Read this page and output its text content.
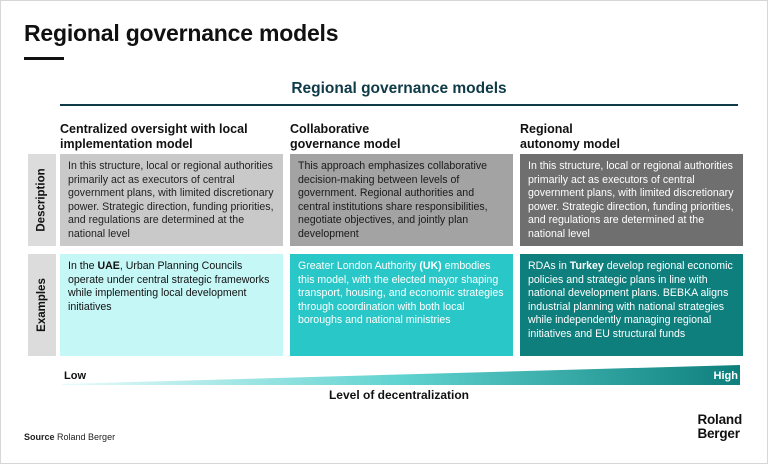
Regional governance models
Regional governance models
Centralized oversight with local
implementation model
Collaborative
governance model
Regional
autonomy model
Description
Examples
In this structure, local or regional authorities primarily act as executors of central government plans, with limited discretionary power. Strategic direction, funding priorities, and regulations are determined at the national level
This approach emphasizes collaborative decision-making between levels of government. Regional authorities and central institutions share responsibilities, negotiate objectives, and jointly plan development
In this structure, local or regional authorities primarily act as executors of central government plans, with limited discretionary power. Strategic direction, funding priorities, and regulations are determined at the national level
In the UAE, Urban Planning Councils operate under central strategic frameworks while implementing local development initiatives
Greater London Authority (UK) embodies this model, with the elected mayor shaping transport, housing, and economic strategies through coordination with both local boroughs and national ministries
RDAs in Turkey develop regional economic policies and strategic plans in line with national development plans. BEBKA aligns industrial planning with national strategies while independently managing regional initiatives and EU structural funds
Low	High
Level of decentralization
Source Roland Berger
Roland
Berger
